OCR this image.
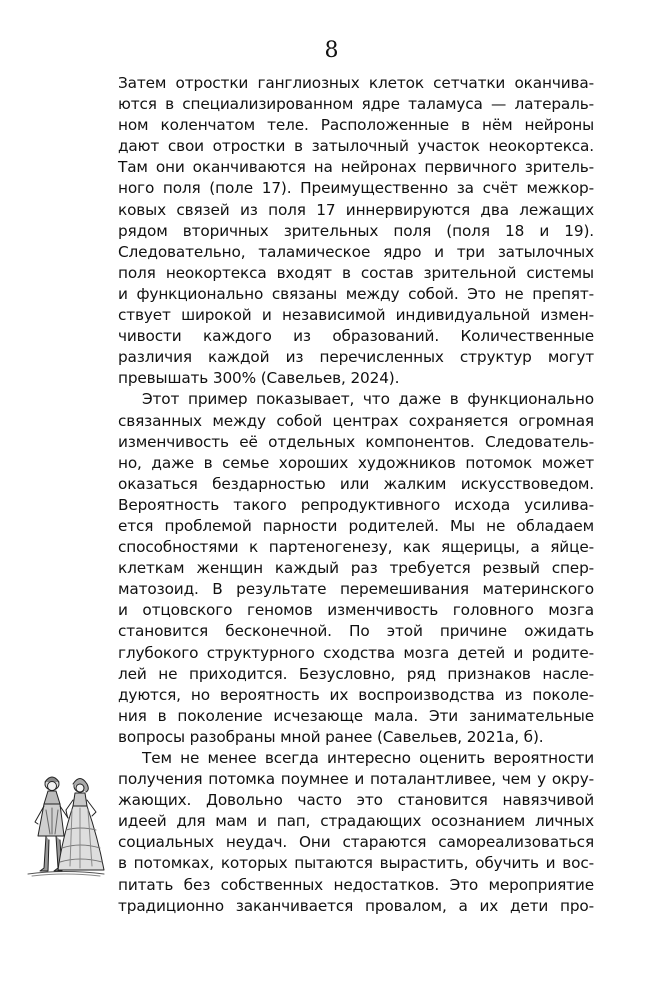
8
Затем отростки ганглиозных клеток сетчатки оканчива-
ются в специализированном ядре таламуса — латераль-
ном коленчатом теле. Расположенные в нём нейроны
дают свои отростки в затылочный участок неокортекса.
Там они оканчиваются на нейронах первичного зритель-
ного поля (поле 17). Преимущественно за счёт межкор-
ковых связей из поля 17 иннервируются два лежащих
рядом вторичных зрительных поля (поля 18 и 19).
Следовательно, таламическое ядро и три затылочных
поля неокортекса входят в состав зрительной системы
и функционально связаны между собой. Это не препят-
ствует широкой и независимой индивидуальной измен-
чивости каждого из образований. Количественные
различия каждой из перечисленных структур могут
превышать 300% (Савельев, 2024).
Этот пример показывает, что даже в функционально
связанных между собой центрах сохраняется огромная
изменчивость её отдельных компонентов. Следователь-
но, даже в семье хороших художников потомок может
оказаться бездарностью или жалким искусствоведом.
Вероятность такого репродуктивного исхода усилива-
ется проблемой парности родителей. Мы не обладаем
способностями к партеногенезу, как ящерицы, а яйце-
клеткам женщин каждый раз требуется резвый спер-
матозоид. В результате перемешивания материнского
и отцовского геномов изменчивость головного мозга
становится бесконечной. По этой причине ожидать
глубокого структурного сходства мозга детей и родите-
лей не приходится. Безусловно, ряд признаков насле-
дуются, но вероятность их воспроизводства из поколе-
ния в поколение исчезающе мала. Эти занимательные
вопросы разобраны мной ранее (Савельев, 2021а, б).
Тем не менее всегда интересно оценить вероятности
получения потомка поумнее и поталантливее, чем у окру-
жающих. Довольно часто это становится навязчивой
идеей для мам и пап, страдающих осознанием личных
социальных неудач. Они стараются самореализоваться
в потомках, которых пытаются вырастить, обучить и вос-
питать без собственных недостатков. Это мероприятие
традиционно заканчивается провалом, а их дети про-
